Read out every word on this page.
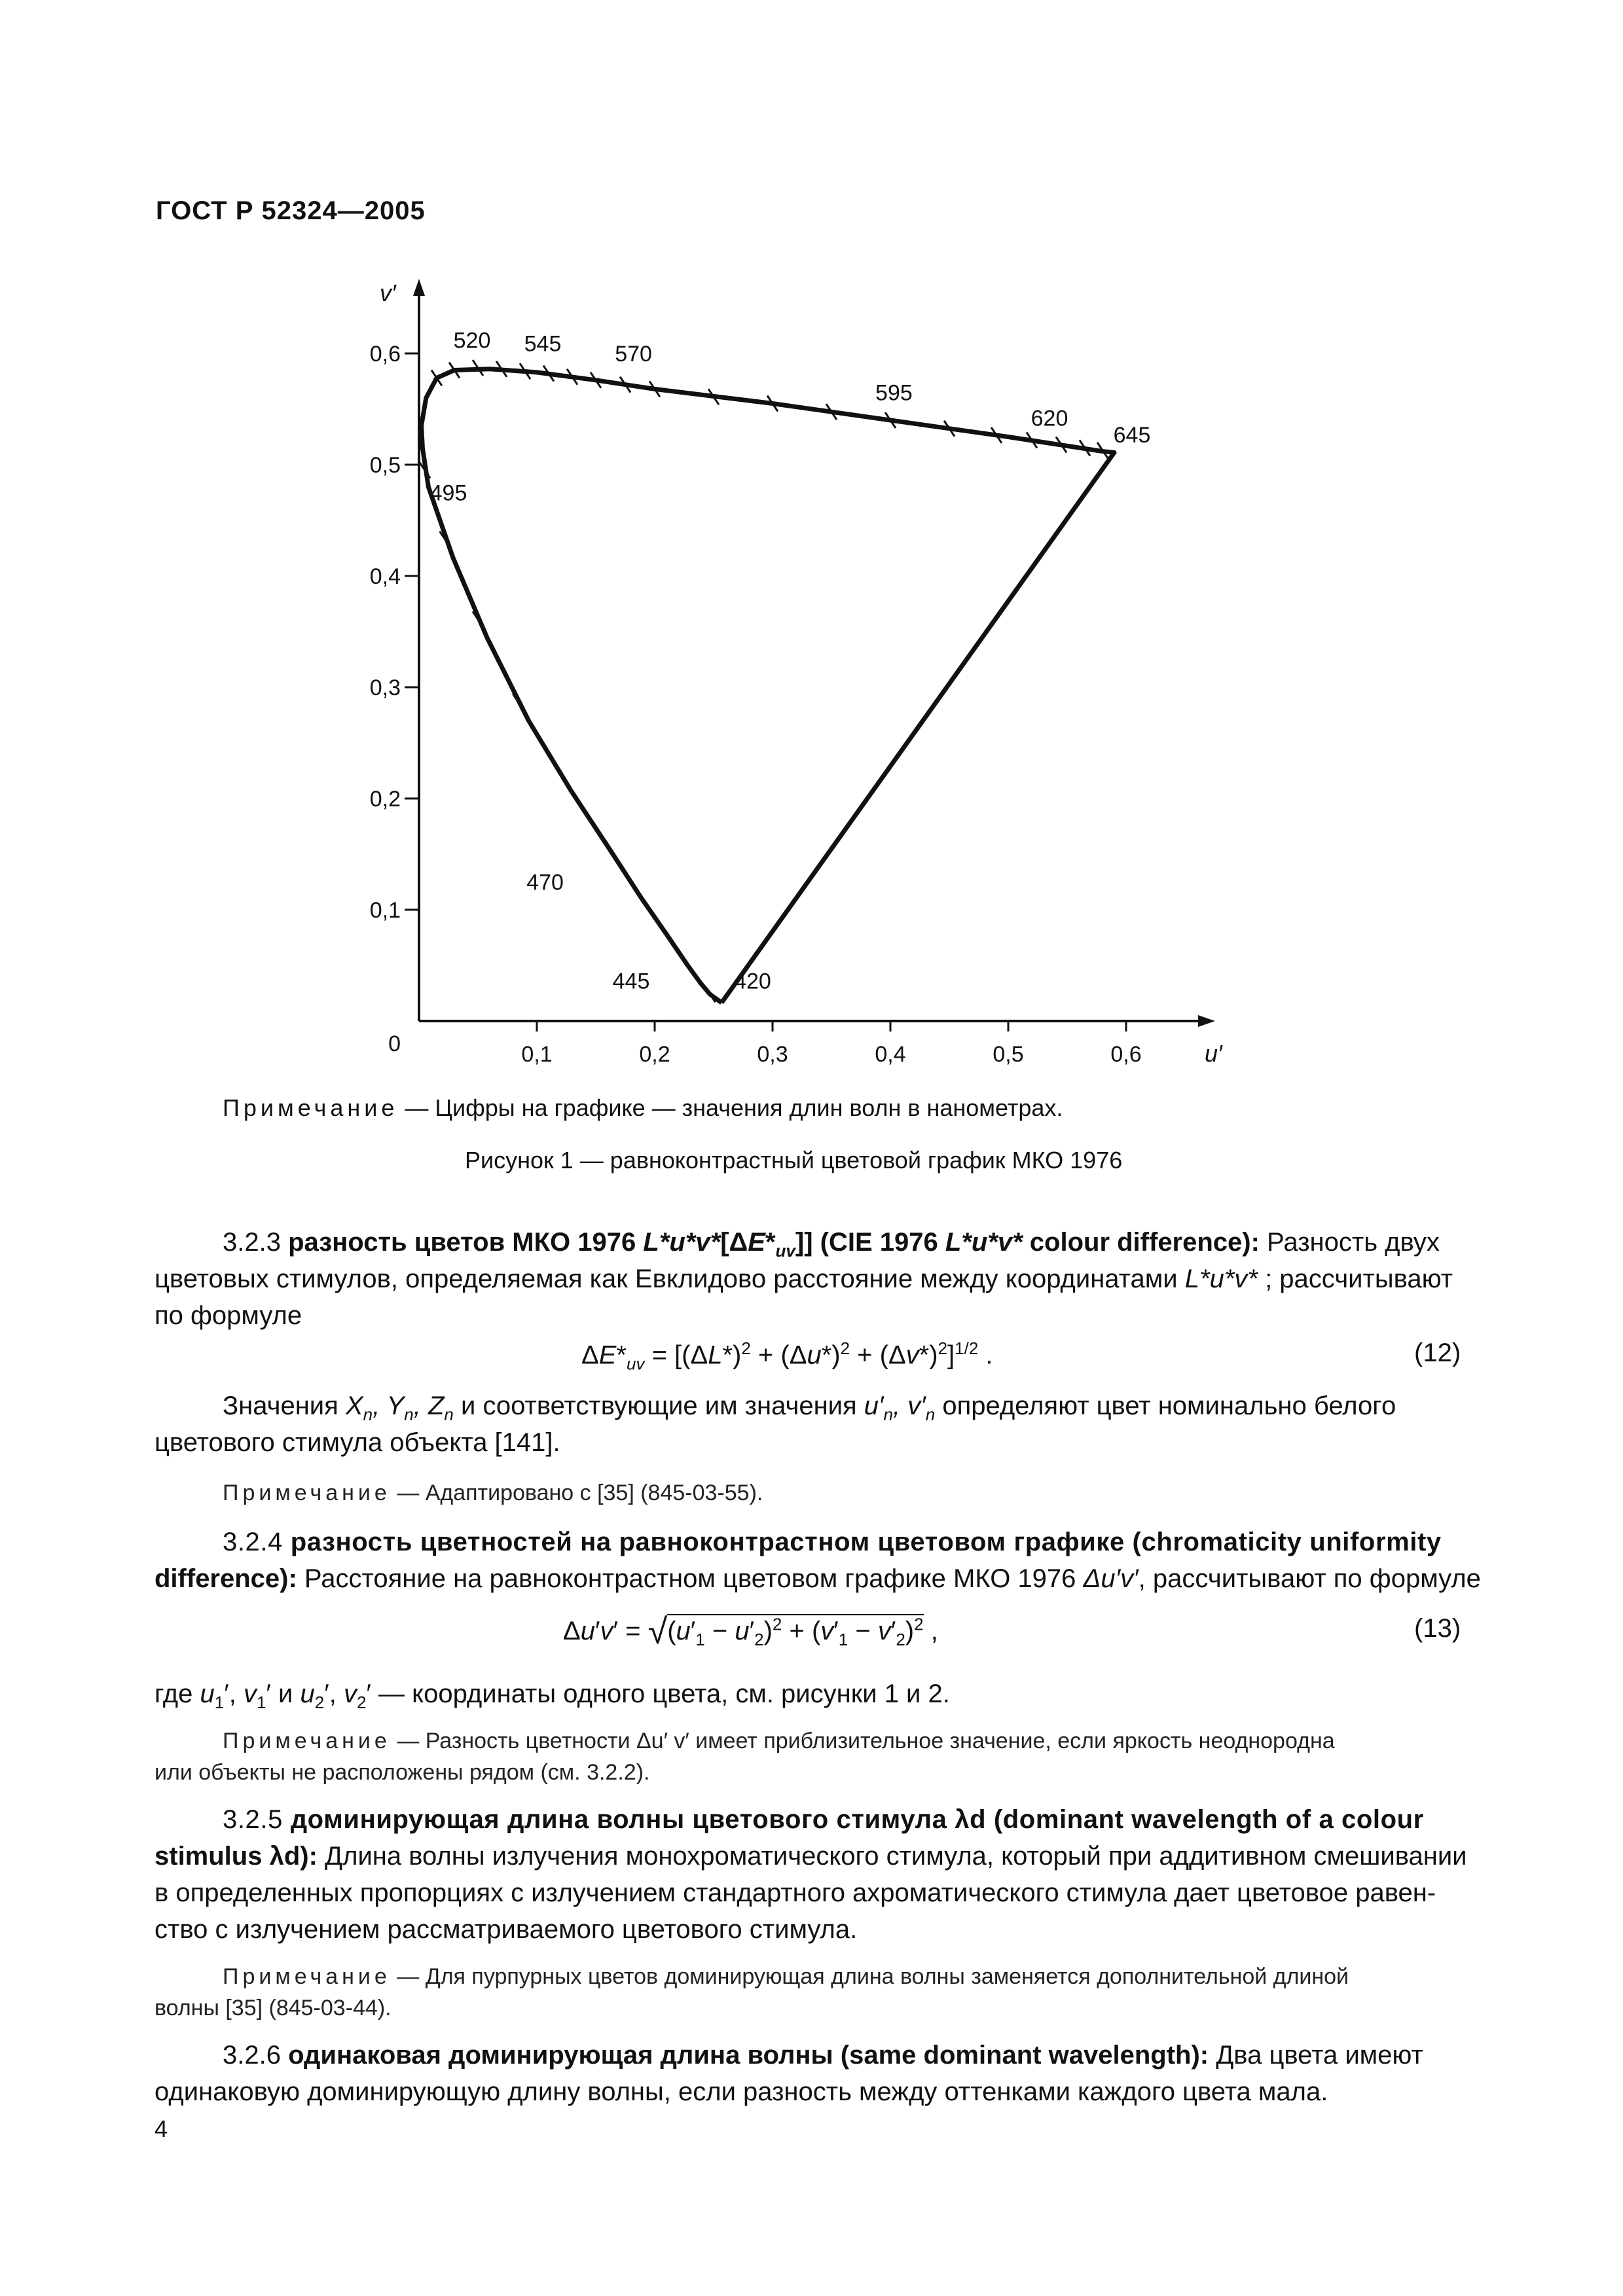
ГОСТ Р 52324—2005
0,1	0,2	0,3	0,4	0,5	0,6
0,1
0,2
0,3
0,4
0,5
0,6
0	u′
v′
520 545 570
595
620
645
495
470
445	420
Примечание — Цифры на графике — значения длин волн в нанометрах.
Рисунок 1 — равноконтрастный цветовой график МКО 1976

3.2.3 разность цветов МКО 1976 $L*u*v*[\Delta E*_{uv}]$] (CIE 1976 L*u*v* colour difference): Разность двух

цветовых стимулов, определяемая как Евклидово расстояние между координатами L*u*v* ; рассчитывают

по формуле

$\Delta E*_{uv} = [(\Delta L*)^2 + (\Delta u*)^2 + (\Delta v*)^2]^{1/2}$ .	(12)

Значения $X_n$, $Y_n$, $Z_n$ и соответствующие им значения $u'_n$, $v'_n$ определяют цвет номинально белого

цветового стимула объекта [141].

Примечание — Адаптировано с [35] (845-03-55).

3.2.4 разность цветностей на равноконтрастном цветовом графике (chromaticity uniformity

difference): Расстояние на равноконтрастном цветовом графике МКО 1976 Δu′v′, рассчитывают по формуле

$\Delta u'v' = √(u'_1 - u'_2)^2 + (v'_1 - v'_2)^2$ ,	(13)

где $u_1'$, $v_1'$ и $u_2'$, $v_2'$ — координаты одного цвета, см. рисунки 1 и 2.

Примечание — Разность цветности Δu′ v′ имеет приблизительное значение, если яркость неоднородна

или объекты не расположены рядом (см. 3.2.2).

3.2.5 доминирующая длина волны цветового стимула λd (dominant wavelength of a colour

stimulus λd): Длина волны излучения монохроматического стимула, который при аддитивном смешивании

в определенных пропорциях с излучением стандартного ахроматического стимула дает цветовое равен-

ство с излучением рассматриваемого цветового стимула.

Примечание — Для пурпурных цветов доминирующая длина волны заменяется дополнительной длиной

волны [35] (845-03-44).

3.2.6 одинаковая доминирующая длина волны (same dominant wavelength): Два цвета имеют

одинаковую доминирующую длину волны, если разность между оттенками каждого цвета мала.

4
